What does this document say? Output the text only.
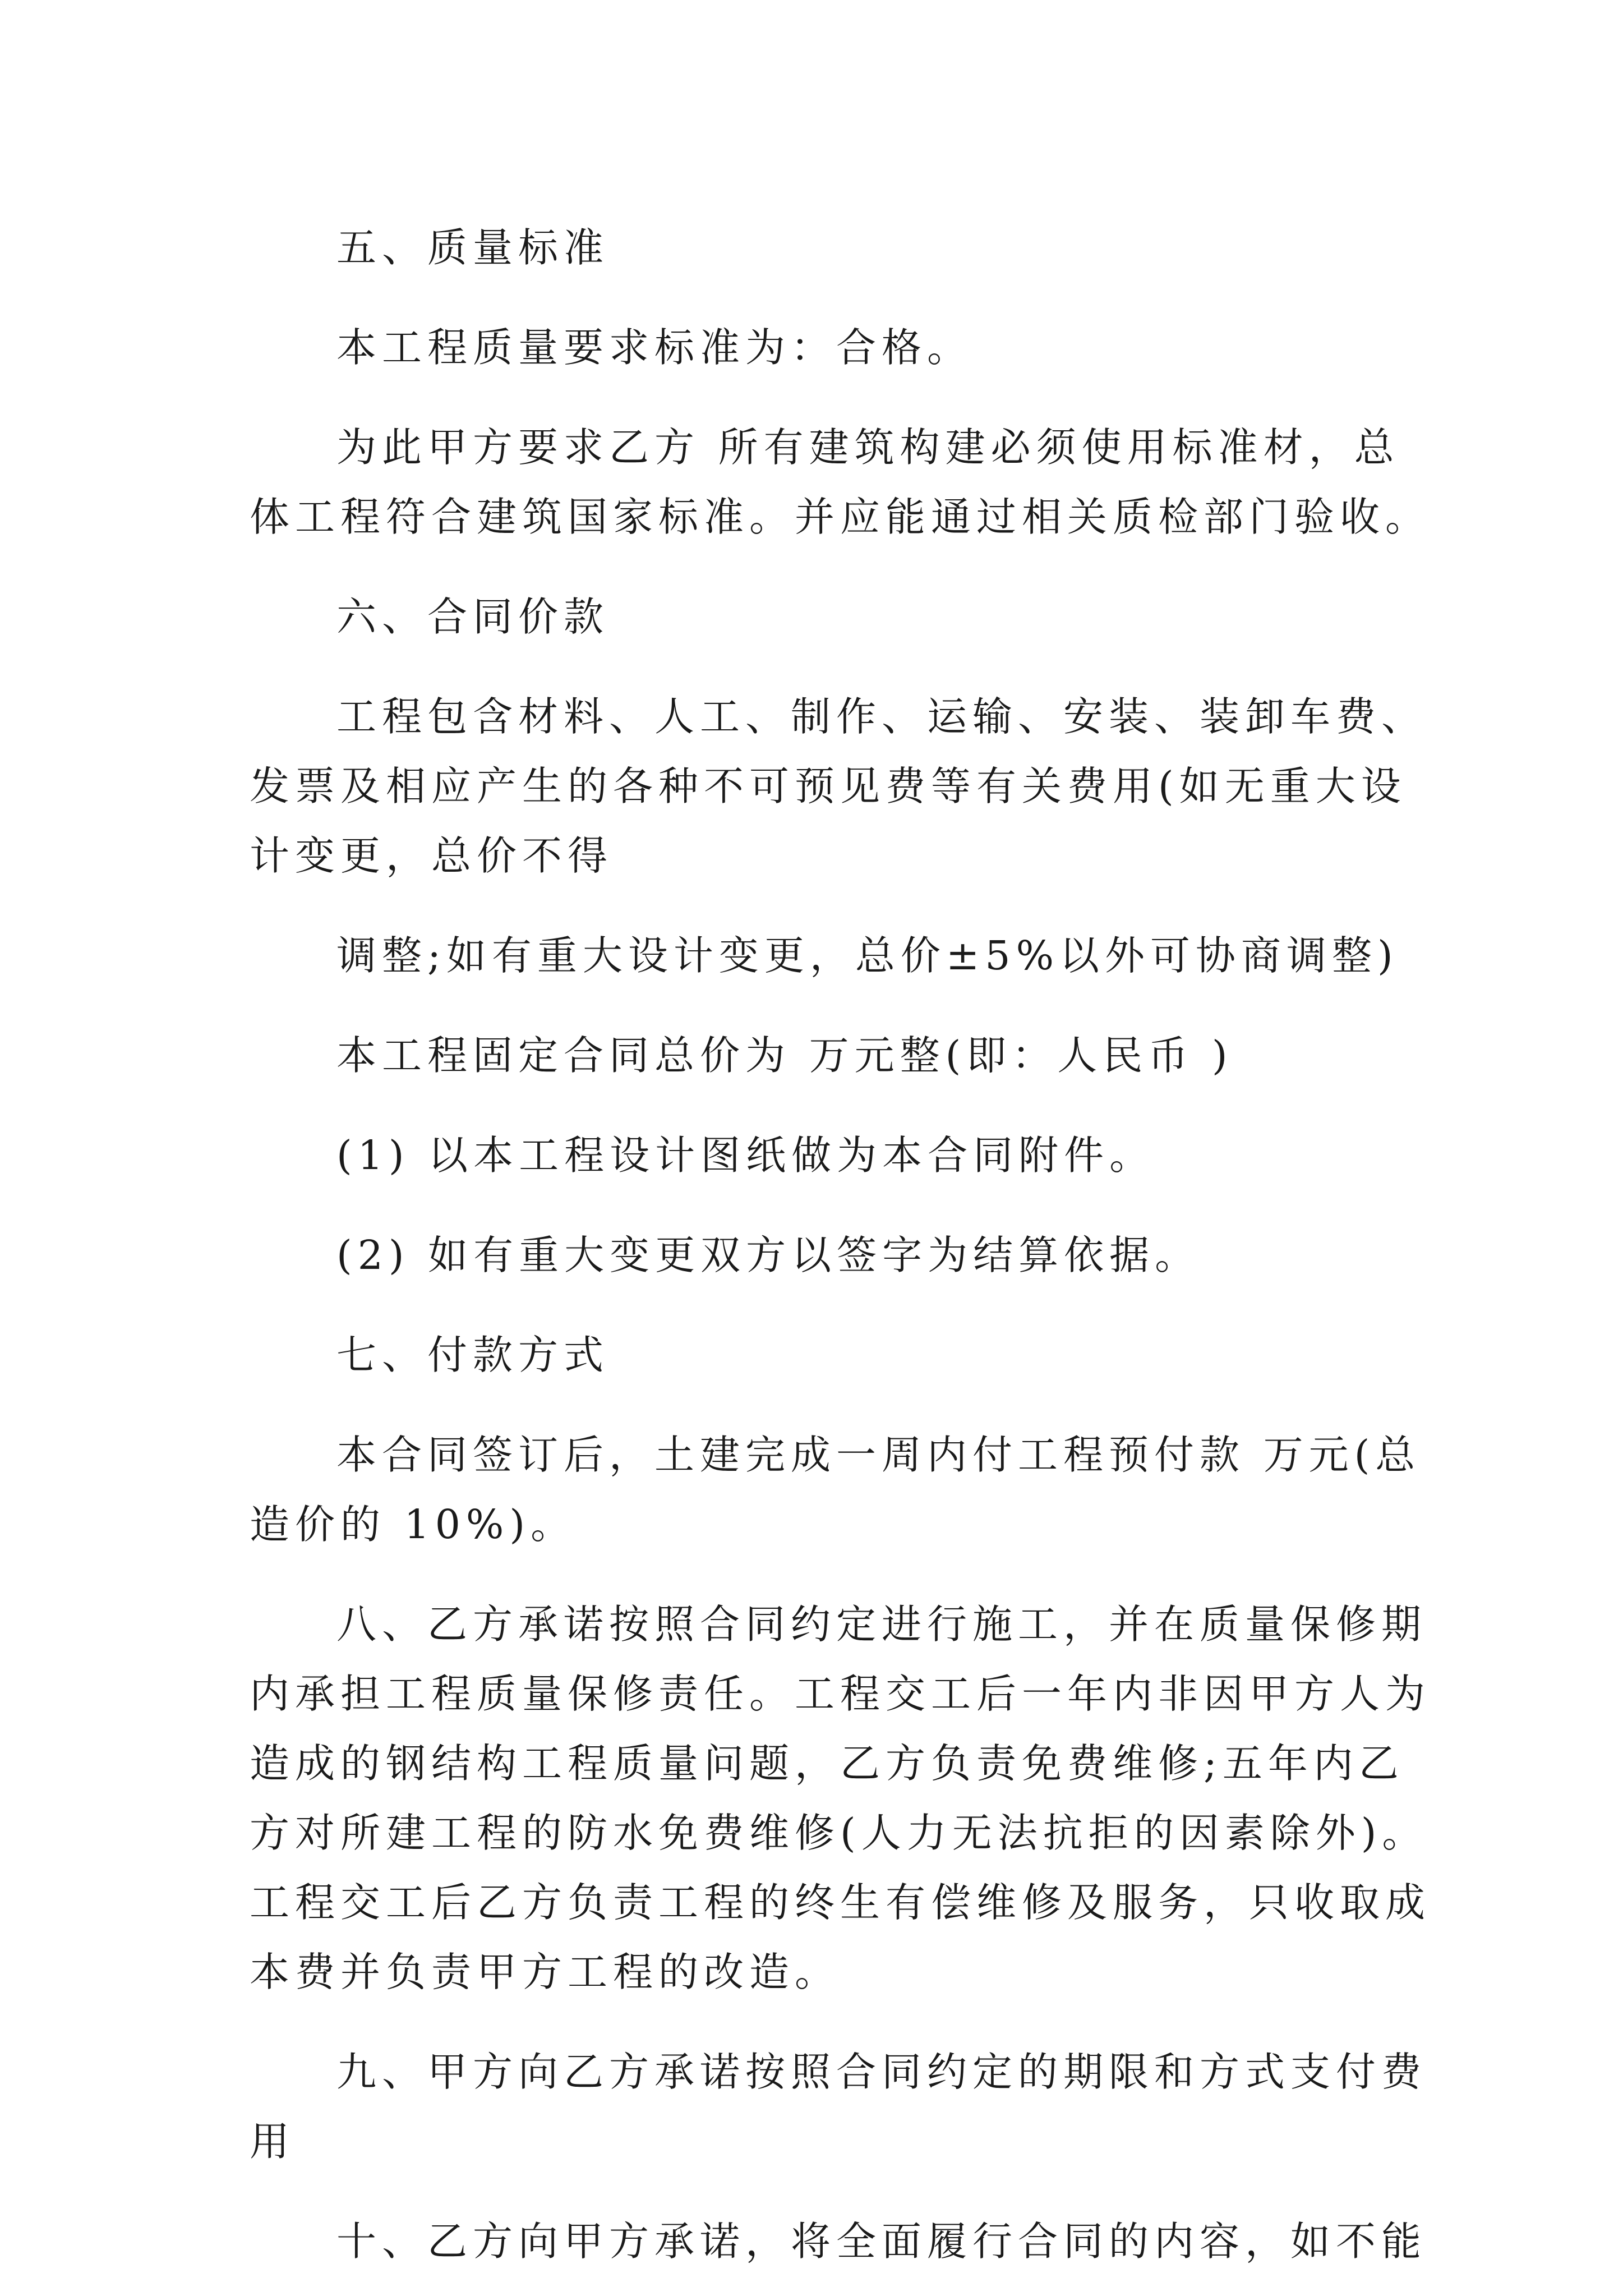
五、质量标准
本工程质量要求标准为：合格。
为此甲方要求乙方 所有建筑构建必须使用标准材，总
体工程符合建筑国家标准。并应能通过相关质检部门验收。
六、合同价款
工程包含材料、人工、制作、运输、安装、装卸车费、
发票及相应产生的各种不可预见费等有关费用(如无重大设
计变更，总价不得
调整;如有重大设计变更，总价±5%以外可协商调整)
本工程固定合同总价为 万元整(即：人民币 )
(1) 以本工程设计图纸做为本合同附件。
(2) 如有重大变更双方以签字为结算依据。
七、付款方式
本合同签订后，土建完成一周内付工程预付款 万元(总
造价的 10%)。
八、乙方承诺按照合同约定进行施工，并在质量保修期
内承担工程质量保修责任。工程交工后一年内非因甲方人为
造成的钢结构工程质量问题，乙方负责免费维修;五年内乙
方对所建工程的防水免费维修(人力无法抗拒的因素除外)。
工程交工后乙方负责工程的终生有偿维修及服务，只收取成
本费并负责甲方工程的改造。
九、甲方向乙方承诺按照合同约定的期限和方式支付费
用
十、乙方向甲方承诺，将全面履行合同的内容，如不能
